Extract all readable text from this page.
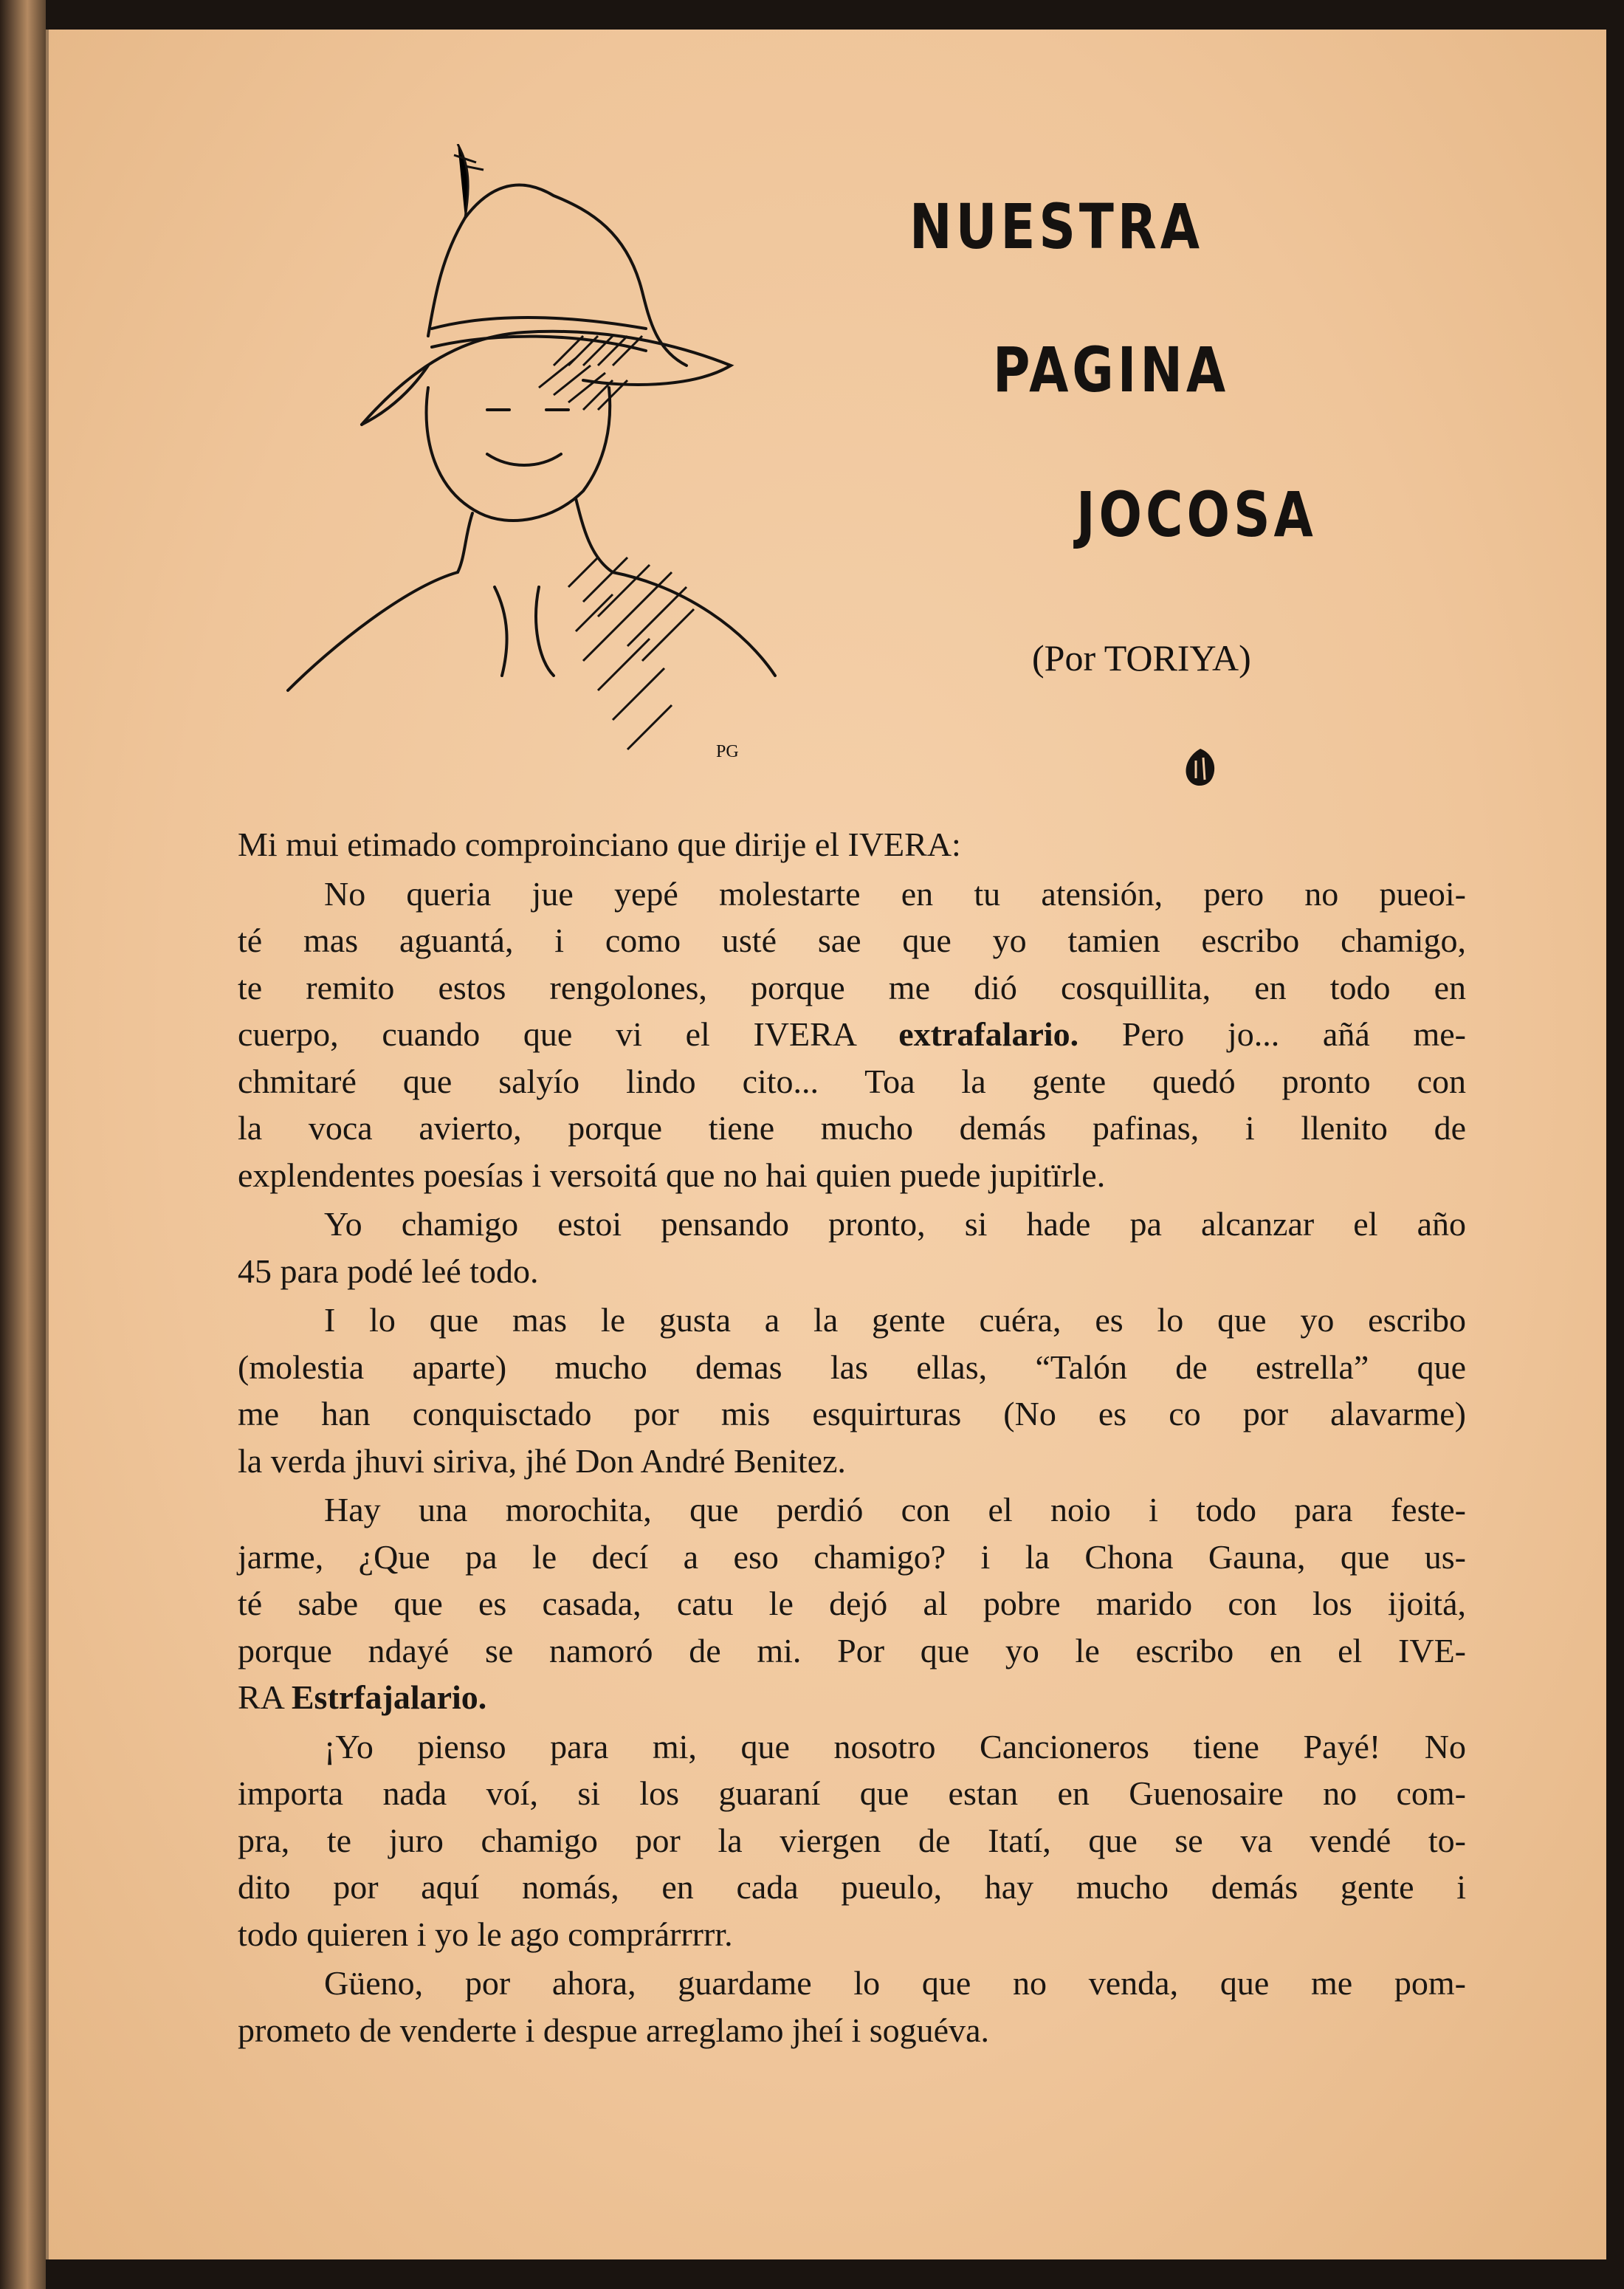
PG
NUESTRA
PAGINA
JOCOSA
(Por TORIYA)
Mi mui etimado comproinciano que dirije el IVERA:
No queria jue yepé molestarte en tu atensión, pero no pueoi-
té mas aguantá, i como usté sae que yo tamien escribo chamigo,
te remito estos rengolones, porque me dió cosquillita, en todo en
cuerpo, cuando que vi el IVERA extrafalario. Pero jo... añá me-
chmitaré que salyío lindo cito... Toa la gente quedó pronto con
la voca avierto, porque tiene mucho demás pafinas, i llenito de
explendentes poesías i versoitá que no hai quien puede jupitïrle.
Yo chamigo estoi pensando pronto, si hade pa alcanzar el año
45 para podé leé todo.
I lo que mas le gusta a la gente cuéra, es lo que yo escribo
(molestia aparte) mucho demas las ellas, “Talón de estrella” que
me han conquisctado por mis esquirturas (No es co por alavarme)
la verda jhuvi siriva, jhé Don André Benitez.
Hay una morochita, que perdió con el noio i todo para feste-
jarme, ¿Que pa le decí a eso chamigo? i la Chona Gauna, que us-
té sabe que es casada, catu le dejó al pobre marido con los ijoitá,
porque ndayé se namoró de mi. Por que yo le escribo en el IVE-
RA Estrfajalario.
¡Yo pienso para mi, que nosotro Cancioneros tiene Payé! No
importa nada voí, si los guaraní que estan en Guenosaire no com-
pra, te juro chamigo por la viergen de Itatí, que se va vendé to-
dito por aquí nomás, en cada pueulo, hay mucho demás gente i
todo quieren i yo le ago comprárrrrr.
Güeno, por ahora, guardame lo que no venda, que me pom-
prometo de venderte i despue arreglamo jheí i soguéva.
